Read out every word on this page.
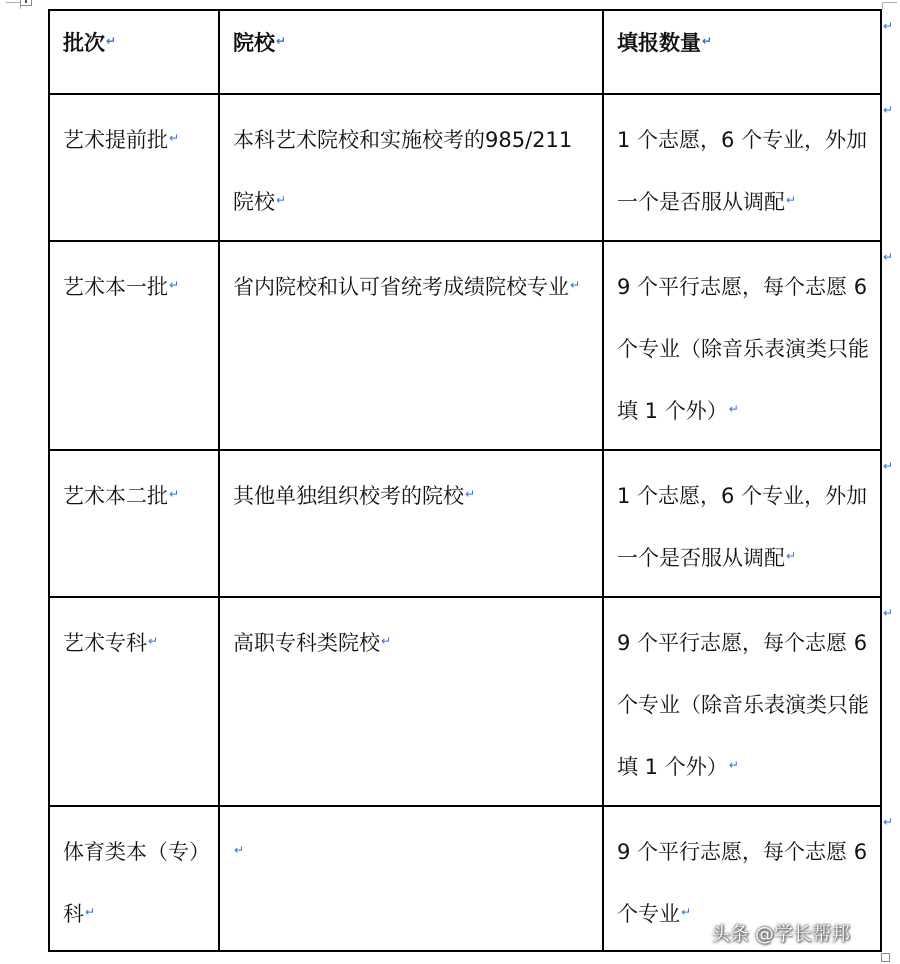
批次↵	院校↵	填报数量↵
艺术提前批↵	本科艺术院校和实施校考的985/211 院校↵	1 个志愿，6 个专业，外加一个是否服从调配↵
艺术本一批↵	省内院校和认可省统考成绩院校专业↵	9 个平行志愿，每个志愿 6 个专业（除音乐表演类只能填 1 个外）↵
艺术本二批↵	其他单独组织校考的院校↵	1 个志愿，6 个专业，外加一个是否服从调配↵
艺术专科↵	高职专科类院校↵	9 个平行志愿，每个志愿 6 个专业（除音乐表演类只能填 1 个外）↵
体育类本（专）科↵	↵	9 个平行志愿，每个志愿 6 个专业↵
↵
↵
↵
↵
↵
↵
头条 @学长帮邦
